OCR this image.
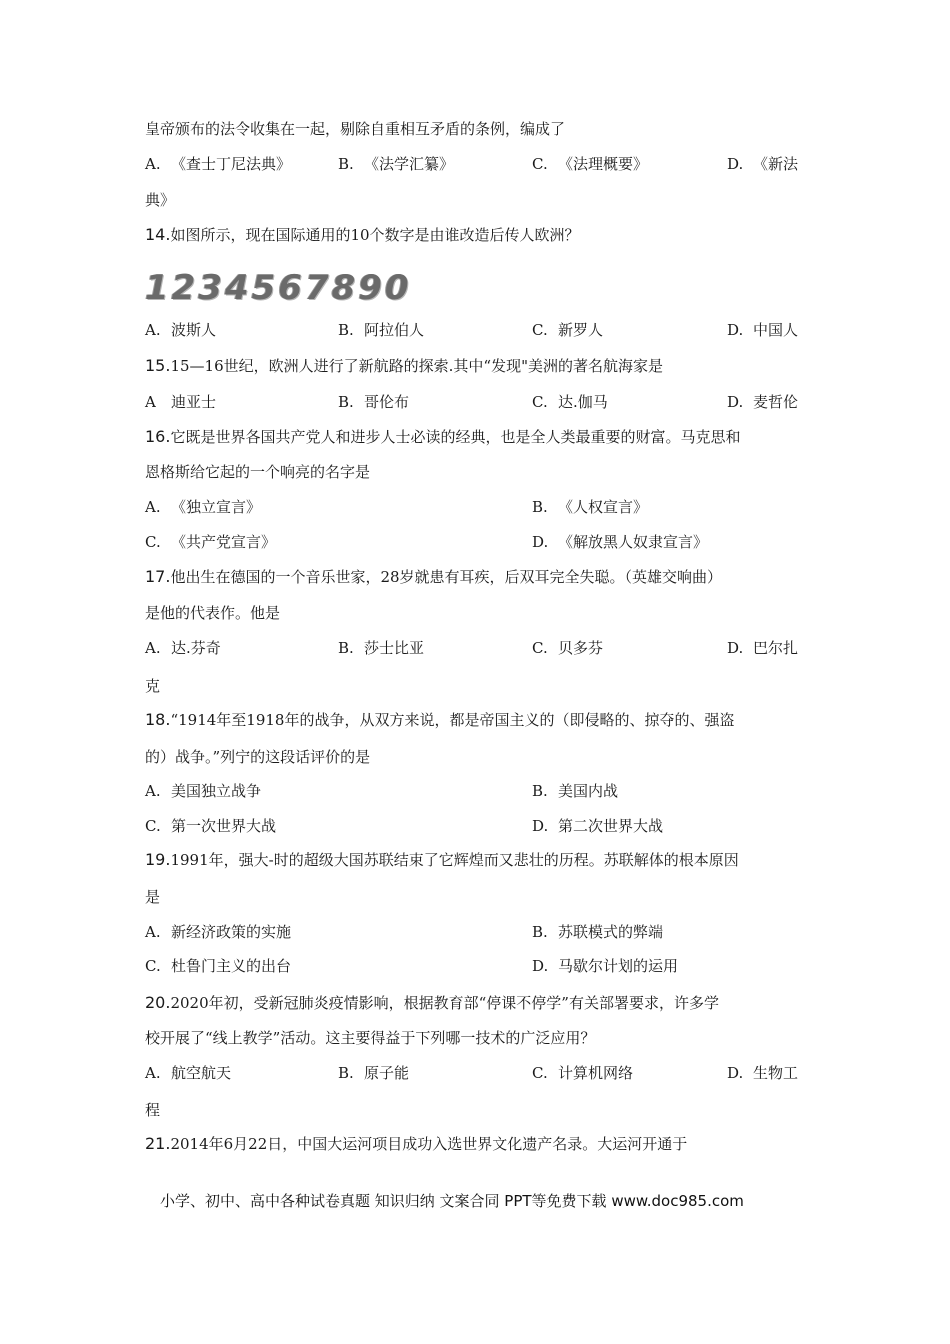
皇帝颁布的法令收集在一起，剔除自重相互矛盾的条例，编成了
A. 《查士丁尼法典》	B. 《法学汇纂》	C. 《法理概要》	D. 《新法
典》
14.如图所示，现在国际通用的10个数字是由谁改造后传人欧洲？
1234567890
A. 波斯人	B. 阿拉伯人	C. 新罗人	D. 中国人
15.15—16世纪，欧洲人进行了新航路的探索.其中“发现"美洲的著名航海家是
A 迪亚士	B. 哥伦布	C. 达.伽马	D. 麦哲伦
16.它既是世界各国共产党人和进步人士必读的经典，也是全人类最重要的财富。马克思和
恩格斯给它起的一个响亮的名字是
A. 《独立宣言》	B. 《人权宣言》
C. 《共产党宣言》	D. 《解放黑人奴隶宣言》
17.他出生在德国的一个音乐世家，28岁就患有耳疾，后双耳完全失聪。（英雄交响曲）
是他的代表作。他是
A. 达.芬奇	B. 莎士比亚	C. 贝多芬	D. 巴尔扎
克
18.“1914年至1918年的战争，从双方来说，都是帝国主义的（即侵略的、掠夺的、强盗
的）战争。”列宁的这段话评价的是
A. 美国独立战争	B. 美国内战
C. 第一次世界大战	D. 第二次世界大战
19.1991年，强大-时的超级大国苏联结束了它辉煌而又悲壮的历程。苏联解体的根本原因
是
A. 新经济政策的实施	B. 苏联模式的弊端
C. 杜鲁门主义的出台	D. 马歇尔计划的运用
20.2020年初，受新冠肺炎疫情影响，根据教育部“停课不停学”有关部署要求，许多学
校开展了“线上教学”活动。这主要得益于下列哪一技术的广泛应用？
A. 航空航天	B. 原子能	C. 计算机网络	D. 生物工
程
21.2014年6月22日，中国大运河项目成功入选世界文化遗产名录。大运河开通于
小学、初中、高中各种试卷真题 知识归纳 文案合同 PPT等免费下载 www.doc985.com
